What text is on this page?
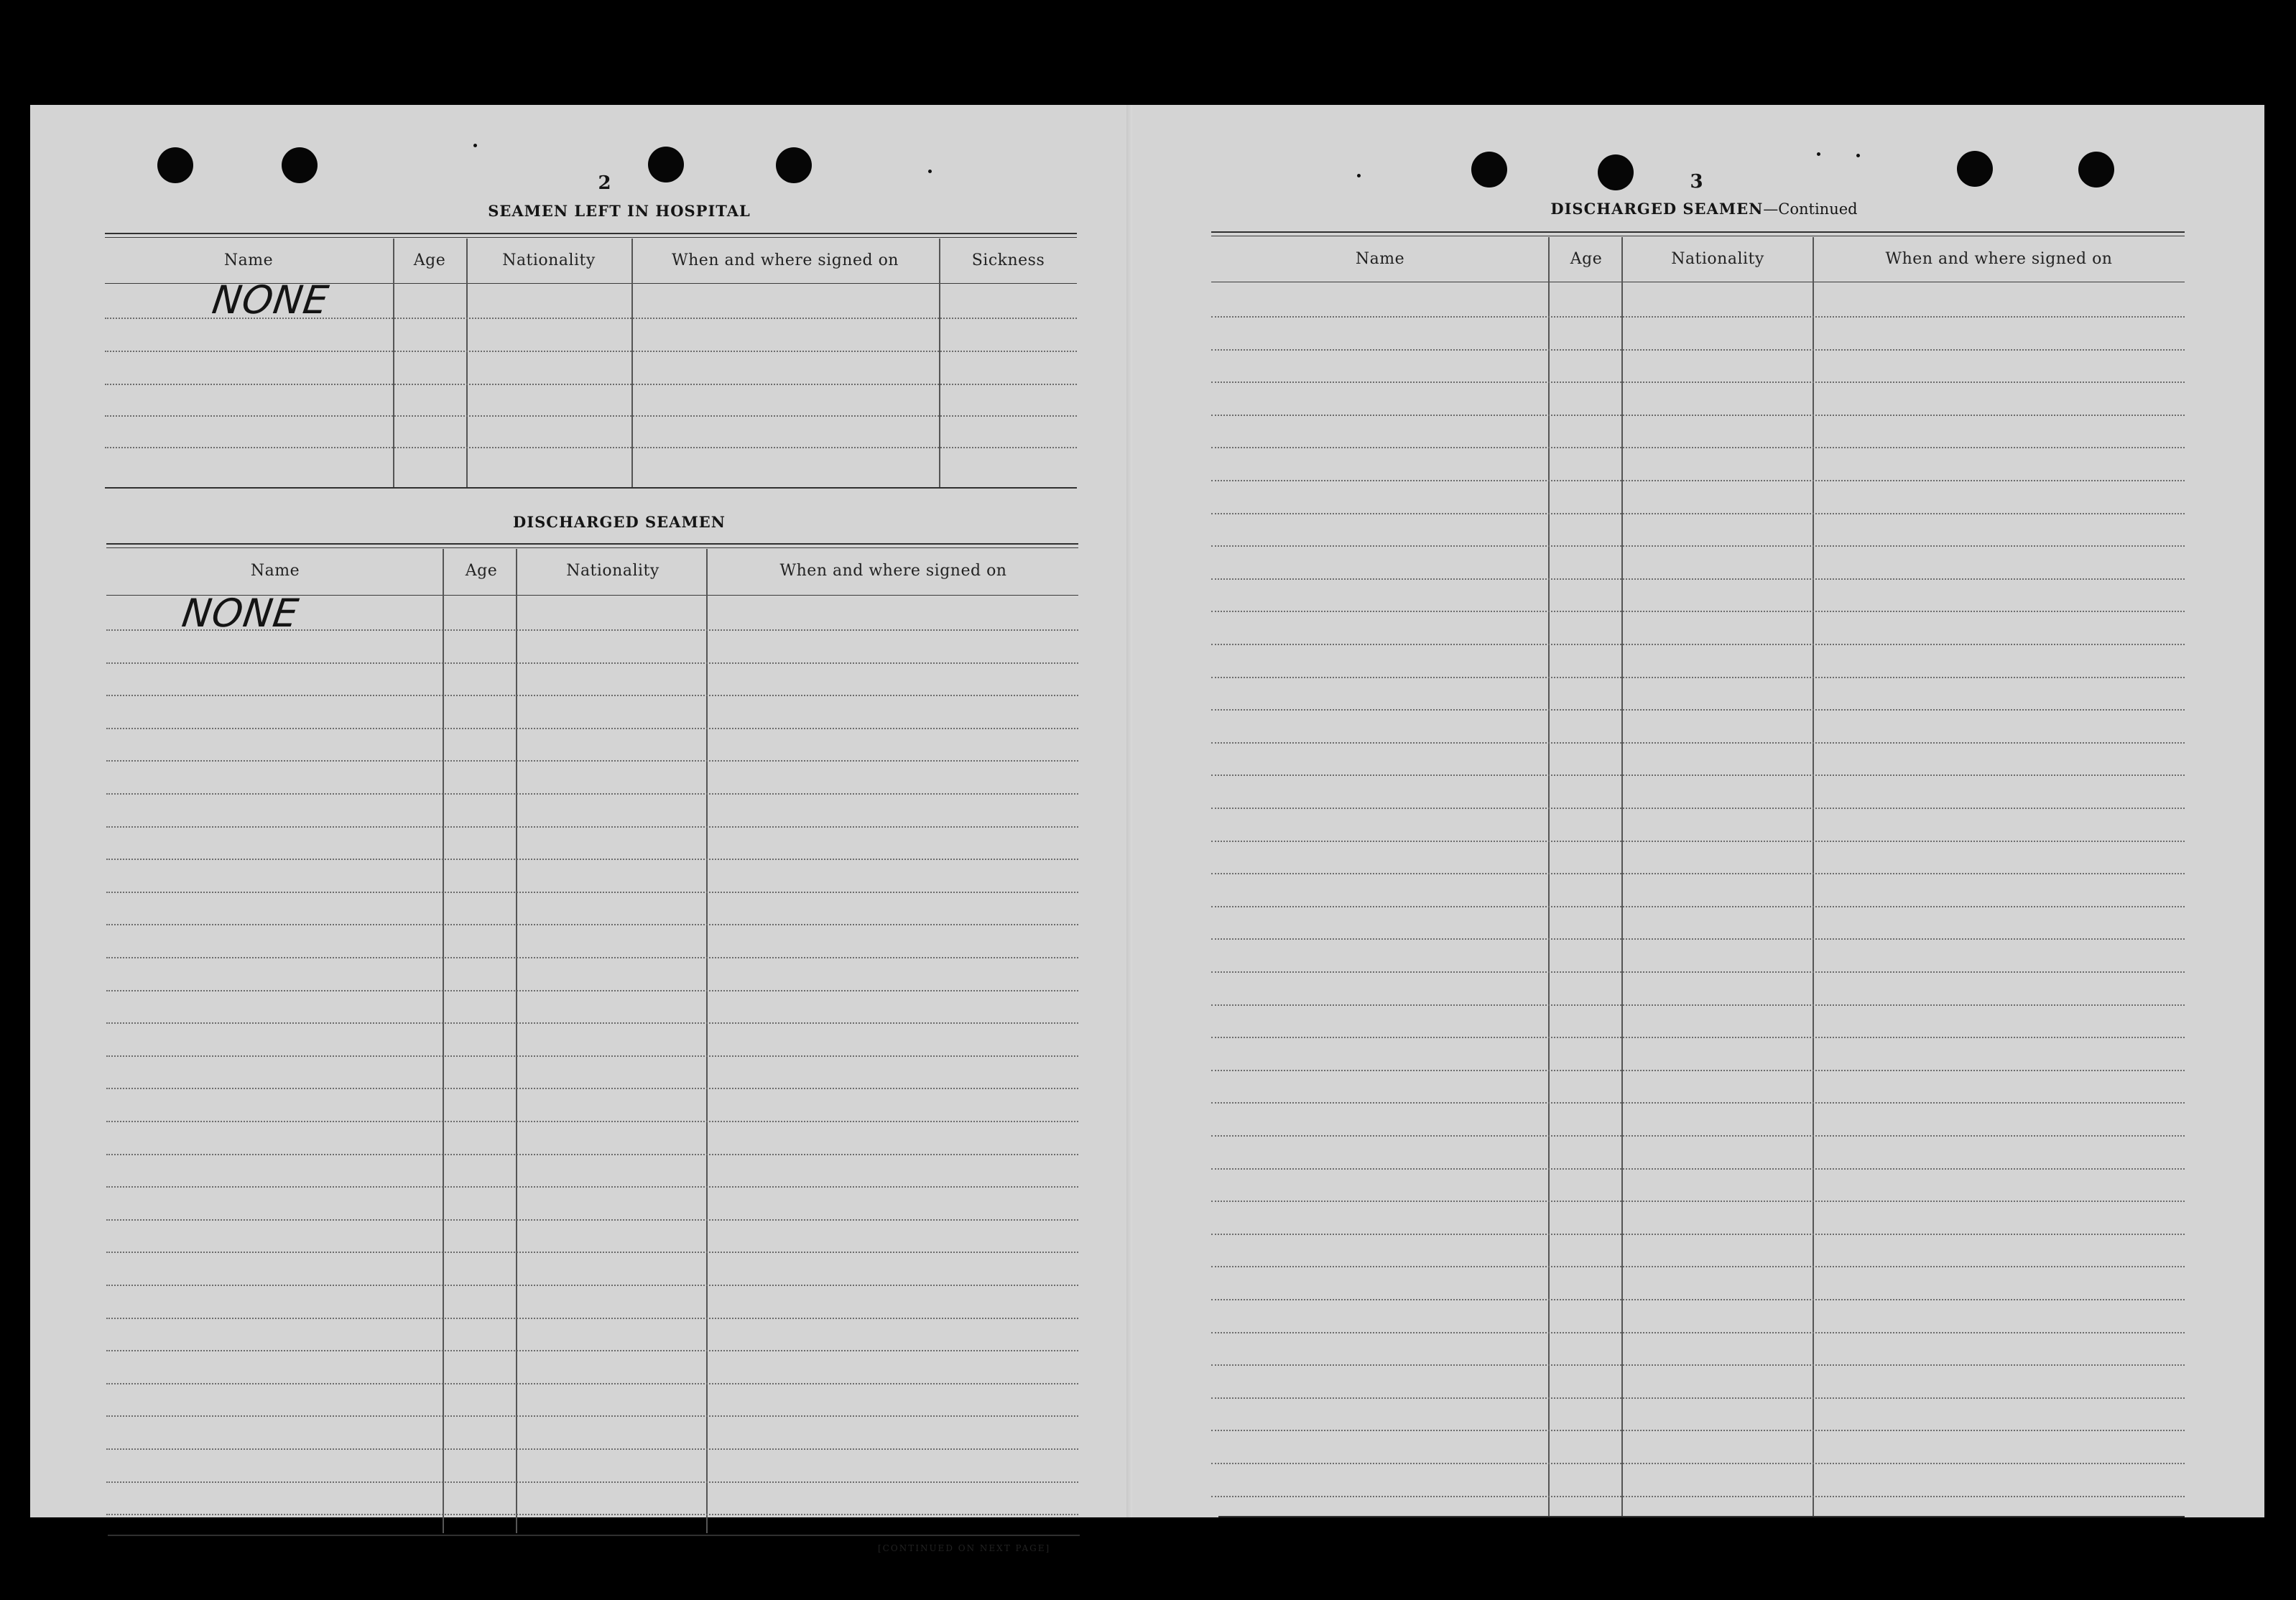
2
SEAMEN LEFT IN HOSPITAL
Name	Age	Nationality	When and where signed on	Sickness
NONE
DISCHARGED SEAMEN
Name	Age	Nationality	When and where signed on
NONE
[CONTINUED ON NEXT PAGE]
3
DISCHARGED SEAMEN—Continued
Name	Age	Nationality	When and where signed on
